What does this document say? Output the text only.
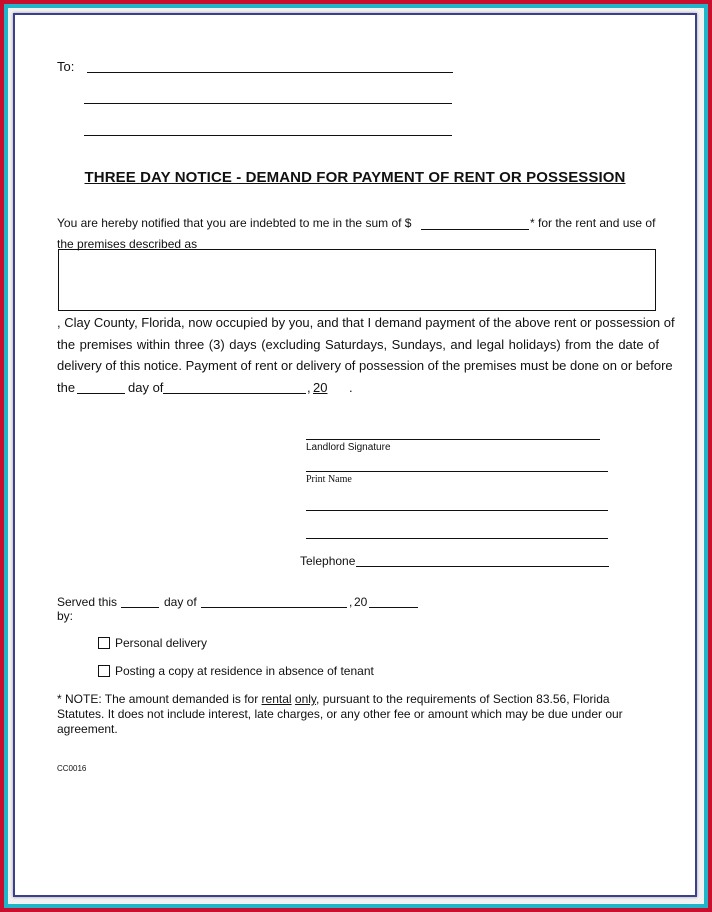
To:
THREE DAY NOTICE - DEMAND FOR PAYMENT OF RENT OR POSSESSION
You are hereby notified that you are indebted to me in the sum of $	* for the rent and use of
the premises described as
, Clay County, Florida, now occupied by you, and that I demand payment of the above rent or possession of
the premises within three (3) days (excluding Saturdays, Sundays, and legal holidays) from the date of
delivery of this notice. Payment of rent or delivery of possession of the premises must be done on or before
the	day of	, 20 .
Landlord Signature
Print Name
Telephone
Served this	day of	, 20
by:
Personal delivery
Posting a copy at residence in absence of tenant
* NOTE: The amount demanded is for rental only, pursuant to the requirements of Section 83.56, Florida
Statutes. It does not include interest, late charges, or any other fee or amount which may be due under our
agreement.
CC0016
